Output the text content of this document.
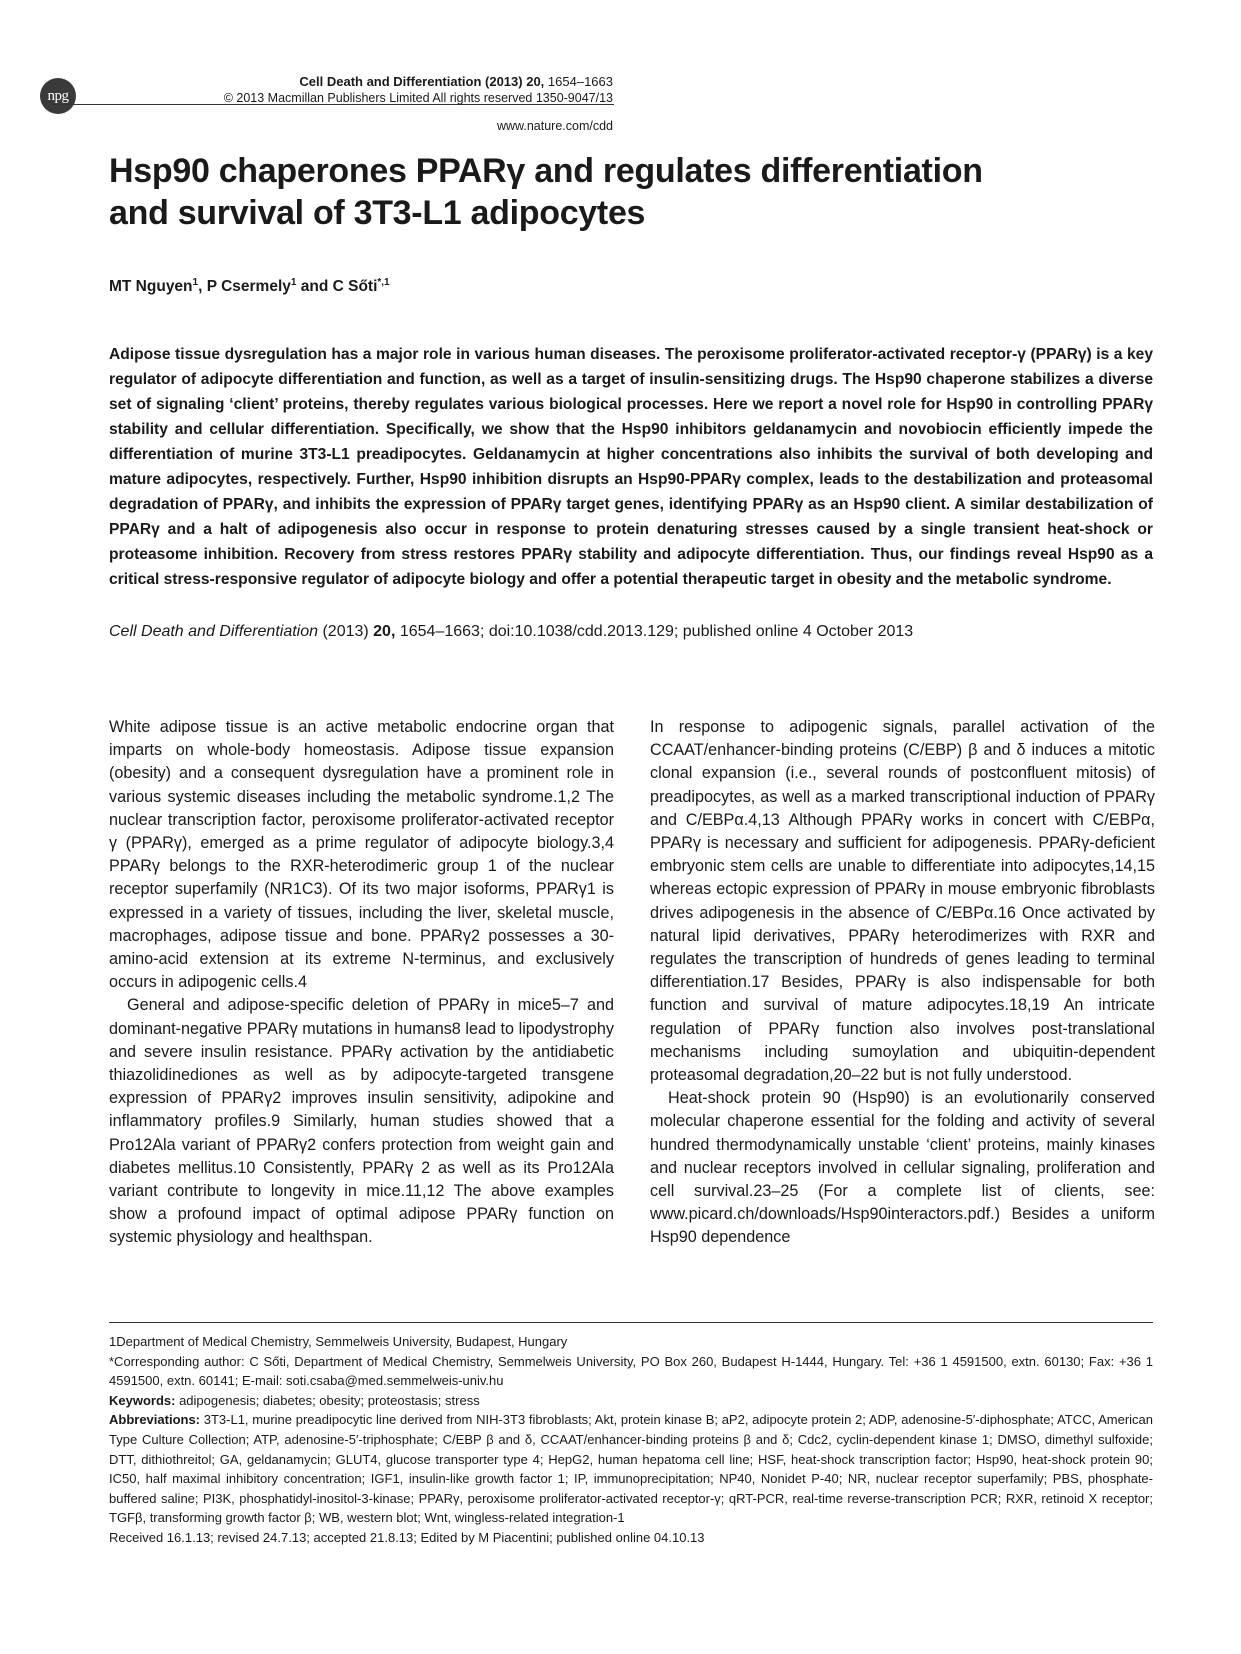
npg
Cell Death and Differentiation (2013) 20, 1654–1663
© 2013 Macmillan Publishers Limited All rights reserved 1350-9047/13
www.nature.com/cdd
Hsp90 chaperones PPARγ and regulates differentiation
and survival of 3T3-L1 adipocytes
MT Nguyen$^1$, P Csermely$^1$ and C Sőti$^{*,1}$
Adipose tissue dysregulation has a major role in various human diseases. The peroxisome proliferator-activated receptor-γ (PPARγ) is a key regulator of adipocyte differentiation and function, as well as a target of insulin-sensitizing drugs. The Hsp90 chaperone stabilizes a diverse set of signaling ‘client’ proteins, thereby regulates various biological processes. Here we report a novel role for Hsp90 in controlling PPARγ stability and cellular differentiation. Specifically, we show that the Hsp90 inhibitors geldanamycin and novobiocin efficiently impede the differentiation of murine 3T3-L1 preadipocytes. Geldanamycin at higher concentrations also inhibits the survival of both developing and mature adipocytes, respectively. Further, Hsp90 inhibition disrupts an Hsp90-PPARγ complex, leads to the destabilization and proteasomal degradation of PPARγ, and inhibits the expression of PPARγ target genes, identifying PPARγ as an Hsp90 client. A similar destabilization of PPARγ and a halt of adipogenesis also occur in response to protein denaturing stresses caused by a single transient heat-shock or proteasome inhibition. Recovery from stress restores PPARγ stability and adipocyte differentiation. Thus, our findings reveal Hsp90 as a critical stress-responsive regulator of adipocyte biology and offer a potential therapeutic target in obesity and the metabolic syndrome.
Cell Death and Differentiation (2013) 20, 1654–1663; doi:10.1038/cdd.2013.129; published online 4 October 2013

White adipose tissue is an active metabolic endocrine organ that imparts on whole-body homeostasis. Adipose tissue expansion (obesity) and a consequent dysregulation have a prominent role in various systemic diseases including the metabolic syndrome.1,2 The nuclear transcription factor, peroxisome proliferator-activated receptor γ (PPARγ), emerged as a prime regulator of adipocyte biology.3,4 PPARγ belongs to the RXR-heterodimeric group 1 of the nuclear receptor superfamily (NR1C3). Of its two major isoforms, PPARγ1 is expressed in a variety of tissues, including the liver, skeletal muscle, macrophages, adipose tissue and bone. PPARγ2 possesses a 30-amino-acid extension at its extreme N-terminus, and exclusively occurs in adipogenic cells.4

General and adipose-specific deletion of PPARγ in mice5–7 and dominant-negative PPARγ mutations in humans8 lead to lipodystrophy and severe insulin resistance. PPARγ activation by the antidiabetic thiazolidinediones as well as by adipocyte-targeted transgene expression of PPARγ2 improves insulin sensitivity, adipokine and inflammatory profiles.9 Similarly, human studies showed that a Pro12Ala variant of PPARγ2 confers protection from weight gain and diabetes mellitus.10 Consistently, PPARγ 2 as well as its Pro12Ala variant contribute to longevity in mice.11,12 The above examples show a profound impact of optimal adipose PPARγ function on systemic physiology and healthspan.

In response to adipogenic signals, parallel activation of the CCAAT/enhancer-binding proteins (C/EBP) β and δ induces a mitotic clonal expansion (i.e., several rounds of postconfluent mitosis) of preadipocytes, as well as a marked transcriptional induction of PPARγ and C/EBPα.4,13 Although PPARγ works in concert with C/EBPα, PPARγ is necessary and sufficient for adipogenesis. PPARγ-deficient embryonic stem cells are unable to differentiate into adipocytes,14,15 whereas ectopic expression of PPARγ in mouse embryonic fibroblasts drives adipogenesis in the absence of C/EBPα.16 Once activated by natural lipid derivatives, PPARγ heterodimerizes with RXR and regulates the transcription of hundreds of genes leading to terminal differentiation.17 Besides, PPARγ is also indispensable for both function and survival of mature adipocytes.18,19 An intricate regulation of PPARγ function also involves post-translational mechanisms including sumoylation and ubiquitin-dependent proteasomal degradation,20–22 but is not fully understood.

Heat-shock protein 90 (Hsp90) is an evolutionarily conserved molecular chaperone essential for the folding and activity of several hundred thermodynamically unstable ‘client’ proteins, mainly kinases and nuclear receptors involved in cellular signaling, proliferation and cell survival.23–25 (For a complete list of clients, see: www.picard.ch/downloads/Hsp90interactors.pdf.) Besides a uniform Hsp90 dependence

1Department of Medical Chemistry, Semmelweis University, Budapest, Hungary

*Corresponding author: C Sőti, Department of Medical Chemistry, Semmelweis University, PO Box 260, Budapest H-1444, Hungary. Tel: +36 1 4591500, extn. 60130; Fax: +36 1 4591500, extn. 60141; E-mail: soti.csaba@med.semmelweis-univ.hu

Keywords: adipogenesis; diabetes; obesity; proteostasis; stress

Abbreviations: 3T3-L1, murine preadipocytic line derived from NIH-3T3 fibroblasts; Akt, protein kinase B; aP2, adipocyte protein 2; ADP, adenosine-5′-diphosphate; ATCC, American Type Culture Collection; ATP, adenosine-5′-triphosphate; C/EBP β and δ, CCAAT/enhancer-binding proteins β and δ; Cdc2, cyclin-dependent kinase 1; DMSO, dimethyl sulfoxide; DTT, dithiothreitol; GA, geldanamycin; GLUT4, glucose transporter type 4; HepG2, human hepatoma cell line; HSF, heat-shock transcription factor; Hsp90, heat-shock protein 90; IC50, half maximal inhibitory concentration; IGF1, insulin-like growth factor 1; IP, immunoprecipitation; NP40, Nonidet P-40; NR, nuclear receptor superfamily; PBS, phosphate-buffered saline; PI3K, phosphatidyl-inositol-3-kinase; PPARγ, peroxisome proliferator-activated receptor-γ; qRT-PCR, real-time reverse-transcription PCR; RXR, retinoid X receptor; TGFβ, transforming growth factor β; WB, western blot; Wnt, wingless-related integration-1

Received 16.1.13; revised 24.7.13; accepted 21.8.13; Edited by M Piacentini; published online 04.10.13
